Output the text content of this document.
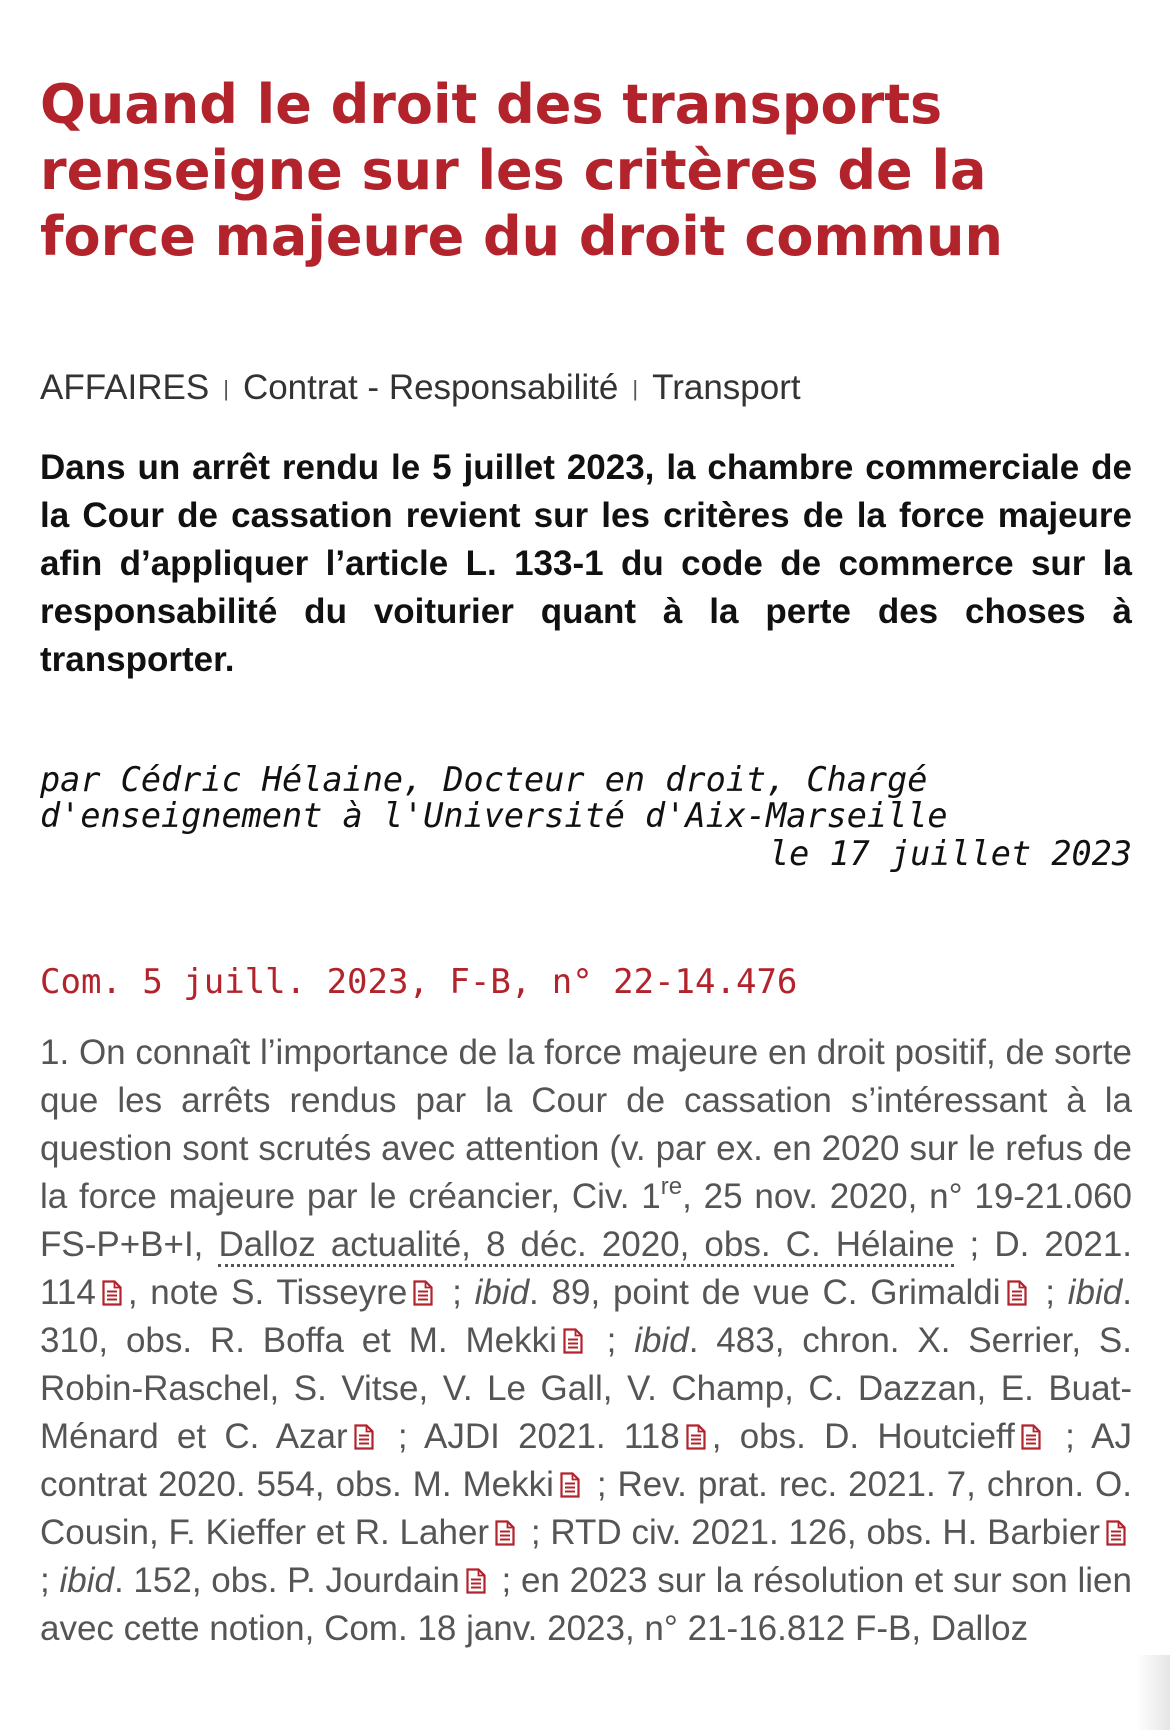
Quand le droit des transports renseigne sur les critères de la force majeure du droit commun
AFFAIRES | Contrat - Responsabilité | Transport

Dans un arrêt rendu le 5 juillet 2023, la chambre commerciale de la Cour de cassation revient sur les critères de la force majeure afin d’appliquer l’article L. 133-1 du code de commerce sur la responsabilité du voiturier quant à la perte des choses à transporter.

par Cédric Hélaine, Docteur en droit, Chargé
d'enseignement à l'Université d'Aix-Marseille
le 17 juillet 2023
Com. 5 juill. 2023, F-B, n° 22-14.476

1. On connaît l’importance de la force majeure en droit positif, de sorte que les arrêts rendus par la Cour de cassation s’intéressant à la question sont scrutés avec attention (v. par ex. en 2020 sur le refus de la force majeure par le créancier, Civ. 1re, 25 nov. 2020, n° 19-21.060 FS-P+B+I, Dalloz actualité, 8 déc. 2020, obs. C. Hélaine ; D. 2021. 114 , note S. Tisseyre ; ibid. 89, point de vue C. Grimaldi ; ibid. 310, obs. R. Boffa et M. Mekki ; ibid. 483, chron. X. Serrier, S. Robin-Raschel, S. Vitse, V. Le Gall, V. Champ, C. Dazzan, E. Buat-Ménard et C. Azar ; AJDI 2021. 118 , obs. D. Houtcieff ; AJ contrat 2020. 554, obs. M. Mekki ; Rev. prat. rec. 2021. 7, chron. O. Cousin, F. Kieffer et R. Laher ; RTD civ. 2021. 126, obs. H. Barbier ; ibid. 152, obs. P. Jourdain ; en 2023 sur la résolution et sur son lien avec cette notion, Com. 18 janv. 2023, n° 21-16.812 F-B, Dalloz
